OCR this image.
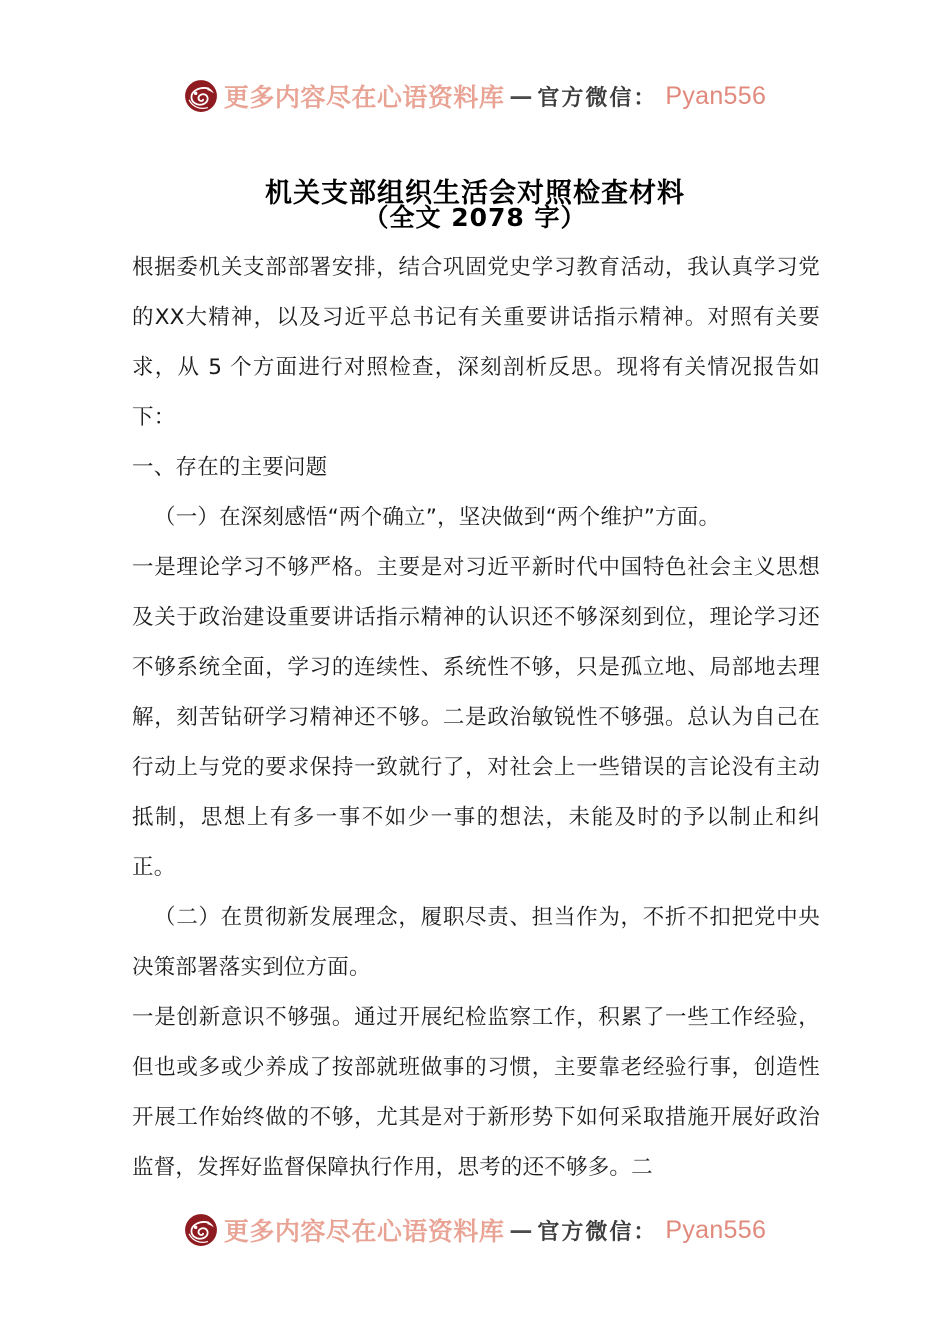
更多内容尽在心语资料库 — 官方微信： Pyan556
机关支部组织生活会对照检查材料
（全文 2078 字）

根据委机关支部部署安排，结合巩固党史学习教育活动，我认真学习党的XX大精神，以及习近平总书记有关重要讲话指示精神。对照有关要求，从 5 个方面进行对照检查，深刻剖析反思。现将有关情况报告如下：

一、存在的主要问题

（一）在深刻感悟“两个确立”，坚决做到“两个维护”方面。

一是理论学习不够严格。主要是对习近平新时代中国特色社会主义思想及关于政治建设重要讲话指示精神的认识还不够深刻到位，理论学习还不够系统全面，学习的连续性、系统性不够，只是孤立地、局部地去理解，刻苦钻研学习精神还不够。二是政治敏锐性不够强。总认为自己在行动上与党的要求保持一致就行了，对社会上一些错误的言论没有主动抵制，思想上有多一事不如少一事的想法，未能及时的予以制止和纠正。

（二）在贯彻新发展理念，履职尽责、担当作为，不折不扣把党中央决策部署落实到位方面。

一是创新意识不够强。通过开展纪检监察工作，积累了一些工作经验，但也或多或少养成了按部就班做事的习惯，主要靠老经验行事，创造性开展工作始终做的不够，尤其是对于新形势下如何采取措施开展好政治监督，发挥好监督保障执行作用，思考的还不够多。二

更多内容尽在心语资料库 — 官方微信： Pyan556
